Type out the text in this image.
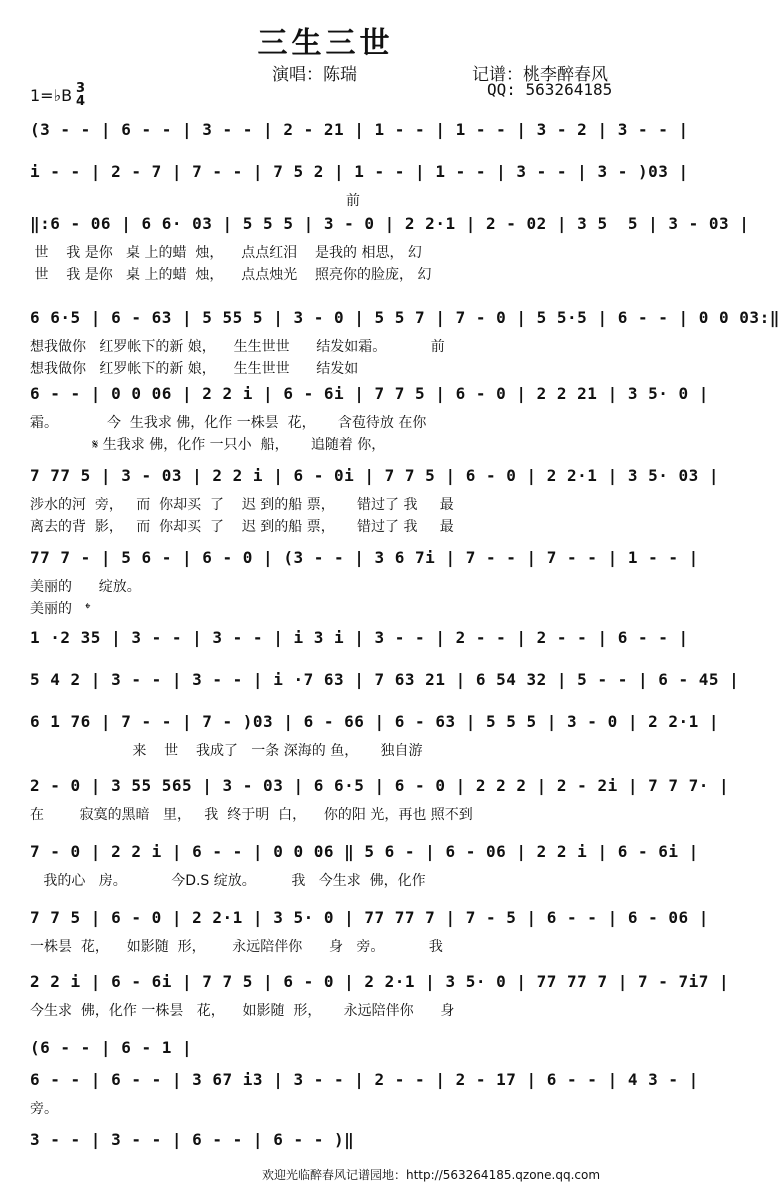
三生三世
演唱：陈瑞	记谱：桃李醉春风
QQ: 563264185
1=♭B 3
4
(3 - - | 6 - - | 3 - - | 2 - 21 | 1 - - | 1 - - | 3 - 2 | 3 - - |
i - - | 2 - 7 | 7 - - | 7 5 2 | 1 - - | 1 - - | 3 - - | 3 - )03 |
前
‖:6 - 06 | 6 6· 03 | 5 5 5 | 3 - 0 | 2 2·1 | 2 - 02 | 3 5  5 | 3 - 03 |
世    我 是你   桌 上的蜡  烛，    点点红泪    是我的 相思， 幻
世    我 是你   桌 上的蜡  烛，    点点烛光    照亮你的脸庞， 幻
6 6·5 | 6 - 63 | 5 55 5 | 3 - 0 | 5 5 7 | 7 - 0 | 5 5·5 | 6 - - | 0 0 03:‖
想我做你   红罗帐下的新 娘，    生生世世      结发如霜。          前
想我做你   红罗帐下的新 娘，    生生世世      结发如
6 - - | 0 0 06 | 2 2 i | 6 - 6i | 7 7 5 | 6 - 0 | 2 2 21 | 3 5· 0 |
霜。           今  生我求 佛，化作 一株昙  花，     含苞待放 在你
𝄋 生我求 佛，化作 一只小  船，     追随着 你，
7 77 5 | 3 - 03 | 2 2 i | 6 - 0i | 7 7 5 | 6 - 0 | 2 2·1 | 3 5· 03 |
涉水的河  旁，   而  你却买  了    迟 到的船 票，     错过了 我     最
离去的背  影，   而  你却买  了    迟 到的船 票，     错过了 我     最
77 7 - | 5 6 - | 6 - 0 | (3 - - | 3 6 7i | 7 - - | 7 - - | 1 - - |
美丽的      绽放。
美丽的   𝄌
1 ·2 35 | 3 - - | 3 - - | i 3 i | 3 - - | 2 - - | 2 - - | 6 - - |
5 4 2 | 3 - - | 3 - - | i ·7 63 | 7 63 21 | 6 54 32 | 5 - - | 6 - 45 |
6 1 76 | 7 - - | 7 - )03 | 6 - 66 | 6 - 63 | 5 5 5 | 3 - 0 | 2 2·1 |
来    世    我成了   一条 深海的 鱼，     独自游
2 - 0 | 3 55 565 | 3 - 03 | 6 6·5 | 6 - 0 | 2 2 2 | 2 - 2i | 7 7 7· |
在        寂寞的黑暗   里，   我  终于明  白，    你的阳 光，再也 照不到
7 - 0 | 2 2 i | 6 - - | 0 0 06 ‖ 5 6 - | 6 - 06 | 2 2 i | 6 - 6i |
我的心   房。          今D.S 绽放。        我   今生求  佛，化作
7 7 5 | 6 - 0 | 2 2·1 | 3 5· 0 | 77 77 7 | 7 - 5 | 6 - - | 6 - 06 |
一株昙  花，    如影随  形，      永远陪伴你      身   旁。          我
2 2 i | 6 - 6i | 7 7 5 | 6 - 0 | 2 2·1 | 3 5· 0 | 77 77 7 | 7 - 7i7 |
今生求  佛，化作 一株昙   花，    如影随  形，     永远陪伴你      身
(6 - - | 6 - 1 |
6 - - | 6 - - | 3 67 i3 | 3 - - | 2 - - | 2 - 17 | 6 - - | 4 3 - |
旁。
3 - - | 3 - - | 6 - - | 6 - - )‖
欢迎光临醉春风记谱园地：http://563264185.qzone.qq.com
